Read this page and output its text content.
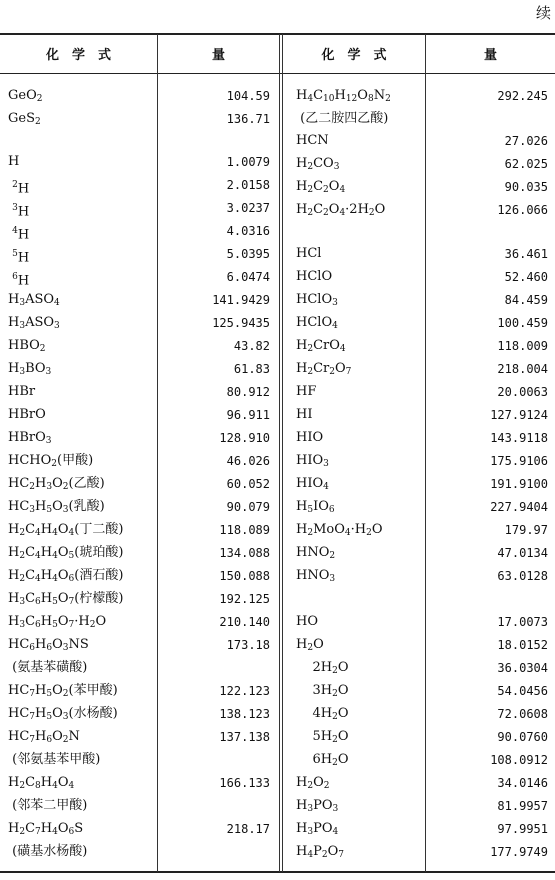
续
化　学　式	量	化　学　式	量
GeO$_2$	104.59
GeS$_2$	136.71
H	1.0079
$^2$H	2.0158
$^3$H	3.0237
$^4$H	4.0316
$^5$H	5.0395
$^6$H	6.0474
$H_3ASO_4$	141.9429
$H_3ASO_3$	125.9435
$HBO_2$	43.82
$H_3BO_3$	61.83
HBr	80.912
HBrO	96.911
HBrO$_3$	128.910
$HCHO_2$(甲酸)	46.026
$HC_2H_3O_2$(乙酸)	60.052
$HC_3H_5O_3$(乳酸)	90.079
$H_2C_4H_4O_4$(丁二酸)	118.089
$H_2C_4H_4O_5$(琥珀酸)	134.088
$H_2C_4H_4O_6$(酒石酸)	150.088
$H_3C_6H_5O_7$(柠檬酸)	192.125
$H_3C_6H_5O_7\cdot H_2O$	210.140
$HC_6H_6O_3NS$	173.18
(氨基苯磺酸)
$HC_7H_5O_2$(苯甲酸)	122.123
$HC_7H_5O_3$(水杨酸)	138.123
$HC_7H_6O_2N$	137.138
(邻氨基苯甲酸)
$H_2C_8H_4O_4$	166.133
(邻苯二甲酸)
$H_2C_7H_4O_6S$	218.17
(磺基水杨酸)
$H_4C_{10}H_{12}O_8N_2$	292.245
(乙二胺四乙酸)
HCN	27.026
$H_2CO_3$	62.025
$H_2C_2O_4$	90.035
$H_2C_2O_4\cdot 2H_2O$	126.066
HCl	36.461
HClO	52.460
HClO$_3$	84.459
HClO$_4$	100.459
$H_2CrO_4$	118.009
$H_2Cr_2O_7$	218.004
HF	20.0063
HI	127.9124
HIO	143.9118
$HIO_3$	175.9106
$HIO_4$	191.9100
$H_5IO_6$	227.9404
$H_2MoO_4\cdot H_2O$	179.97
$HNO_2$	47.0134
$HNO_3$	63.0128
HO	17.0073
$H_2O$	18.0152
$2H_2O$	36.0304
$3H_2O$	54.0456
$4H_2O$	72.0608
$5H_2O$	90.0760
$6H_2O$	108.0912
$H_2O_2$	34.0146
$H_3PO_3$	81.9957
$H_3PO_4$	97.9951
$H_4P_2O_7$	177.9749
